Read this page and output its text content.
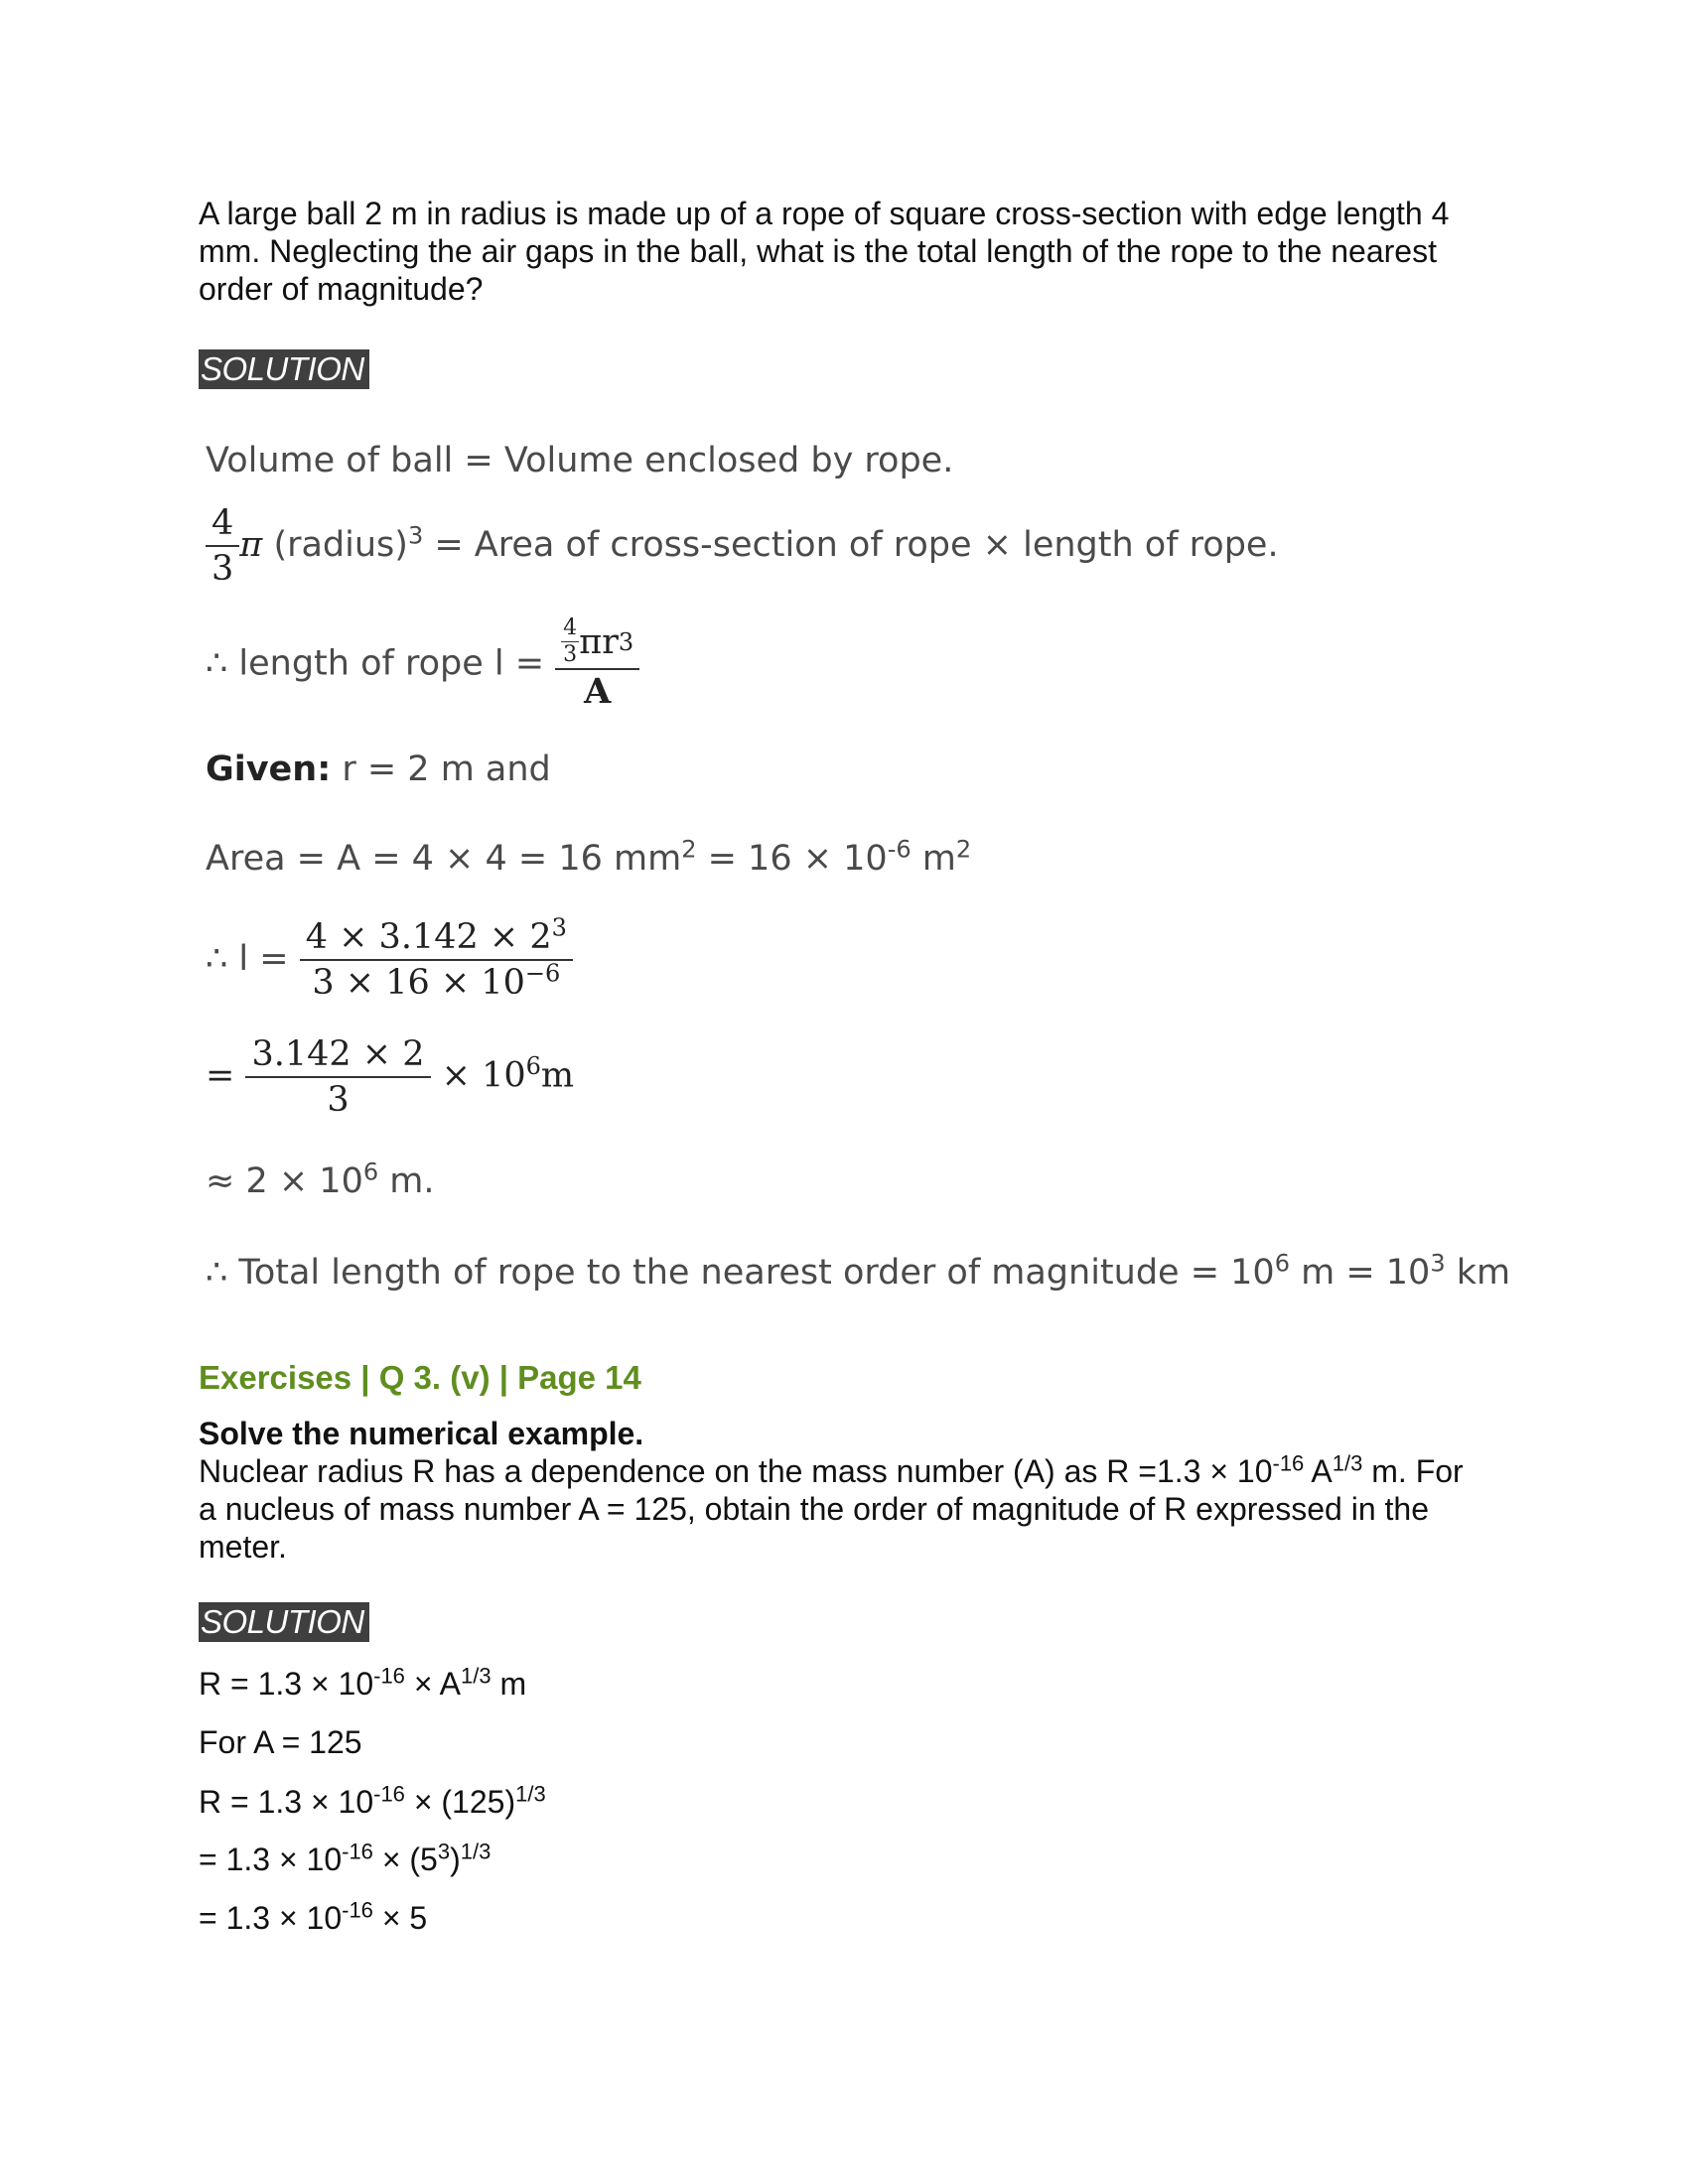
A large ball 2 m in radius is made up of a rope of square cross-section with edge length 4 mm. Neglecting the air gaps in the ball, what is the total length of the rope to the nearest order of magnitude?

SOLUTION
Volume of ball = Volume enclosed by rope.
$\frac{4}{3}$ π (radius)$^3$ = Area of cross-section of rope × length of rope.
∴ length of rope $l = \frac{\frac{4}{3} \pi r 3}{A}$
Given: r = 2 m and
Area = A = 4 × 4 = 16 $mm^2 = 16 \times 10^{-6}$ $m^2$
∴ $l = \frac{4 \times 3.142 \times 2^3}{3 \times 16 \times 10^{-6}}$
= $\frac{3.142 \times 2}{3} \times 10^6m$
≈ $2 \times 10^6$ m.
∴ Total length of rope to the nearest order of magnitude = $10^6$ $m = 10^3$ km
Exercises | Q 3. (v) | Page 14
Solve the numerical example.

Nuclear radius R has a dependence on the mass number (A) as $R =1.3 \times 10^{-16}$ $A^{1/3}$ m. For a nucleus of mass number A = 125, obtain the order of magnitude of R expressed in the meter.

SOLUTION
$R = 1.3 \times 10^{-16} \times A^{1/3}$ m
For A = 125
$R = 1.3 \times 10^{-16} \times (125)^{1/3}$
= $1.3 \times 10^{-16} \times (5^3)^{1/3}$
= $1.3 \times 10^{-16} \times 5$
